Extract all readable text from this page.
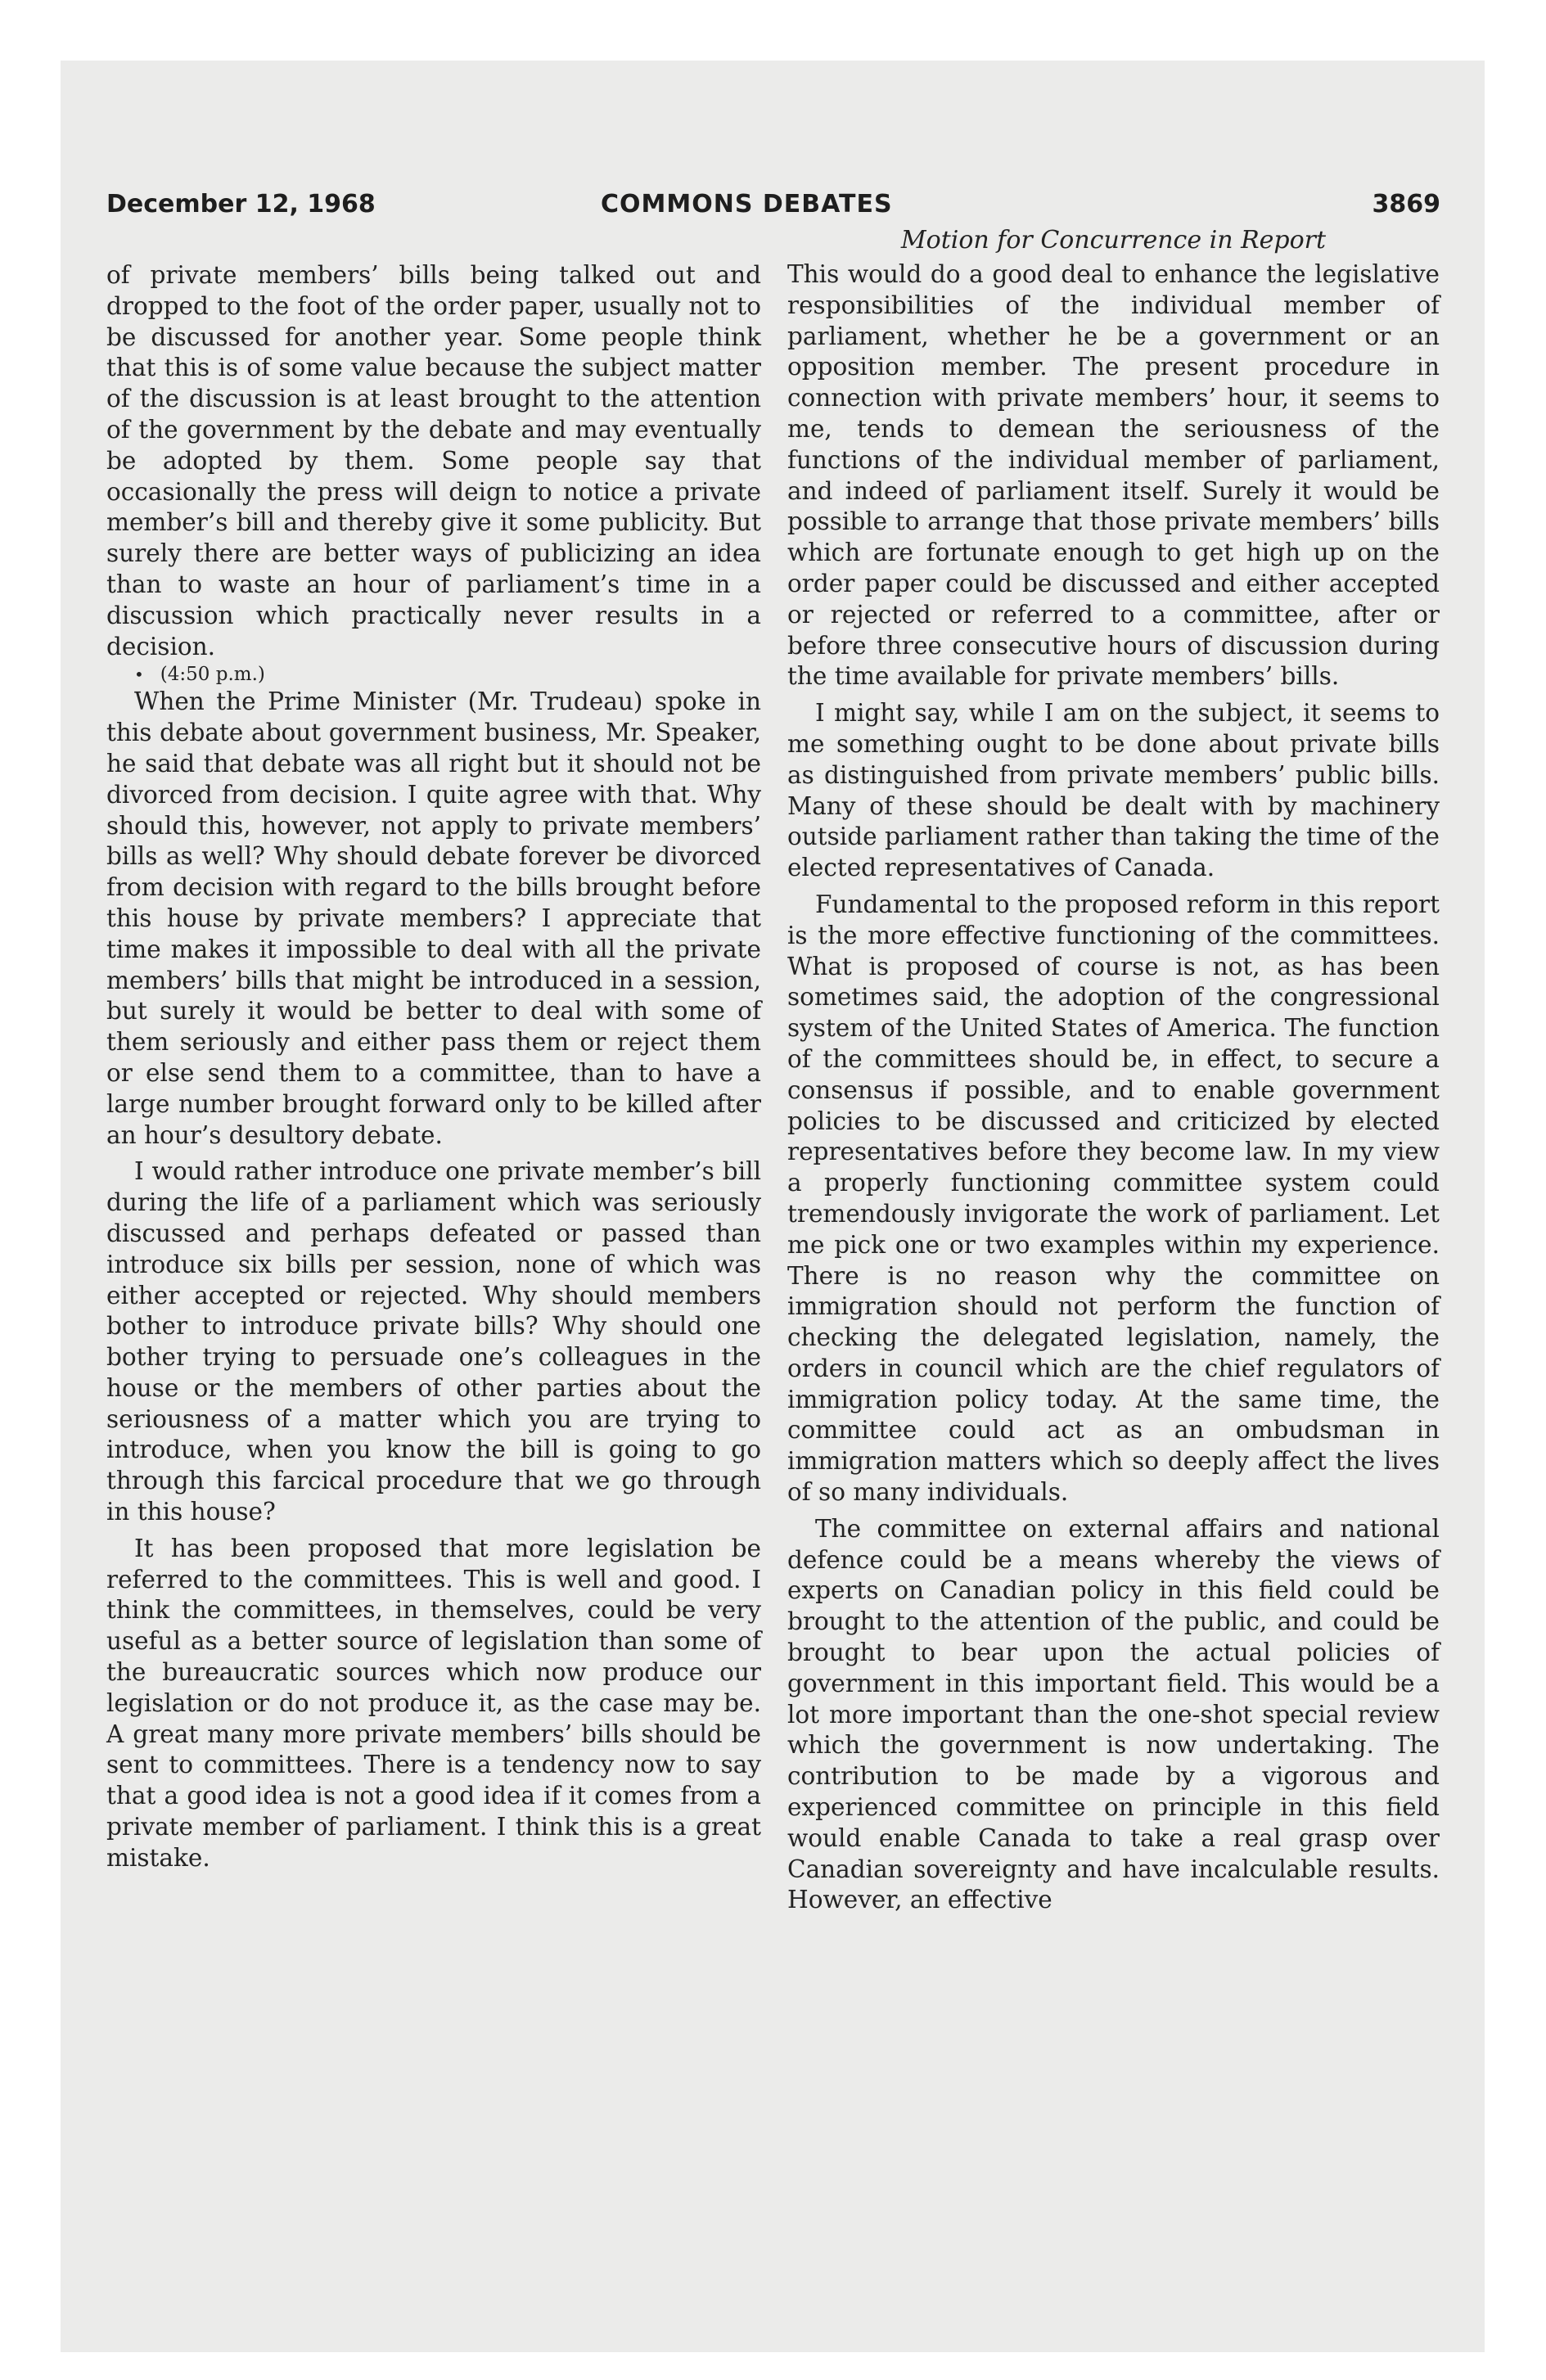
December 12, 1968	COMMONS DEBATES	3869

of private members’ bills being talked out and dropped to the foot of the order paper, usually not to be discussed for another year. Some people think that this is of some value because the subject matter of the discussion is at least brought to the attention of the government by the debate and may eventually be adopted by them. Some people say that occasionally the press will deign to notice a private member’s bill and thereby give it some publicity. But surely there are better ways of publicizing an idea than to waste an hour of parliament’s time in a discussion which practically never results in a decision.

• (4:50 p.m.)

When the Prime Minister (Mr. Trudeau) spoke in this debate about government business, Mr. Speaker, he said that debate was all right but it should not be divorced from decision. I quite agree with that. Why should this, however, not apply to private members’ bills as well? Why should debate forever be divorced from decision with regard to the bills brought before this house by private members? I appreciate that time makes it impossible to deal with all the private members’ bills that might be introduced in a session, but surely it would be better to deal with some of them seriously and either pass them or reject them or else send them to a committee, than to have a large number brought forward only to be killed after an hour’s desultory debate.

I would rather introduce one private member’s bill during the life of a parliament which was seriously discussed and perhaps defeated or passed than introduce six bills per session, none of which was either accepted or rejected. Why should members bother to introduce private bills? Why should one bother trying to persuade one’s colleagues in the house or the members of other parties about the seriousness of a matter which you are trying to introduce, when you know the bill is going to go through this farcical procedure that we go through in this house?

It has been proposed that more legislation be referred to the committees. This is well and good. I think the committees, in themselves, could be very useful as a better source of legislation than some of the bureaucratic sources which now produce our legislation or do not produce it, as the case may be. A great many more private members’ bills should be sent to committees. There is a tendency now to say that a good idea is not a good idea if it comes from a private member of parliament. I think this is a great mistake.

Motion for Concurrence in Report

This would do a good deal to enhance the legislative responsibilities of the individual member of parliament, whether he be a government or an opposition member. The present procedure in connection with private members’ hour, it seems to me, tends to demean the seriousness of the functions of the individual member of parliament, and indeed of parliament itself. Surely it would be possible to arrange that those private members’ bills which are fortunate enough to get high up on the order paper could be discussed and either accepted or rejected or referred to a committee, after or before three consecutive hours of discussion during the time available for private members’ bills.

I might say, while I am on the subject, it seems to me something ought to be done about private bills as distinguished from private members’ public bills. Many of these should be dealt with by machinery outside parliament rather than taking the time of the elected representatives of Canada.

Fundamental to the proposed reform in this report is the more effective functioning of the committees. What is proposed of course is not, as has been sometimes said, the adoption of the congressional system of the United States of America. The function of the committees should be, in effect, to secure a consensus if possible, and to enable government policies to be discussed and criticized by elected representatives before they become law. In my view a properly functioning committee system could tremendously invigorate the work of parliament. Let me pick one or two examples within my experience. There is no reason why the committee on immigration should not perform the function of checking the delegated legislation, namely, the orders in council which are the chief regulators of immigration policy today. At the same time, the committee could act as an ombudsman in immigration matters which so deeply affect the lives of so many individuals.

The committee on external affairs and national defence could be a means whereby the views of experts on Canadian policy in this field could be brought to the attention of the public, and could be brought to bear upon the actual policies of government in this important field. This would be a lot more important than the one-shot special review which the government is now undertaking. The contribution to be made by a vigorous and experienced committee on principle in this field would enable Canada to take a real grasp over Canadian sovereignty and have incalculable results. However, an effective
